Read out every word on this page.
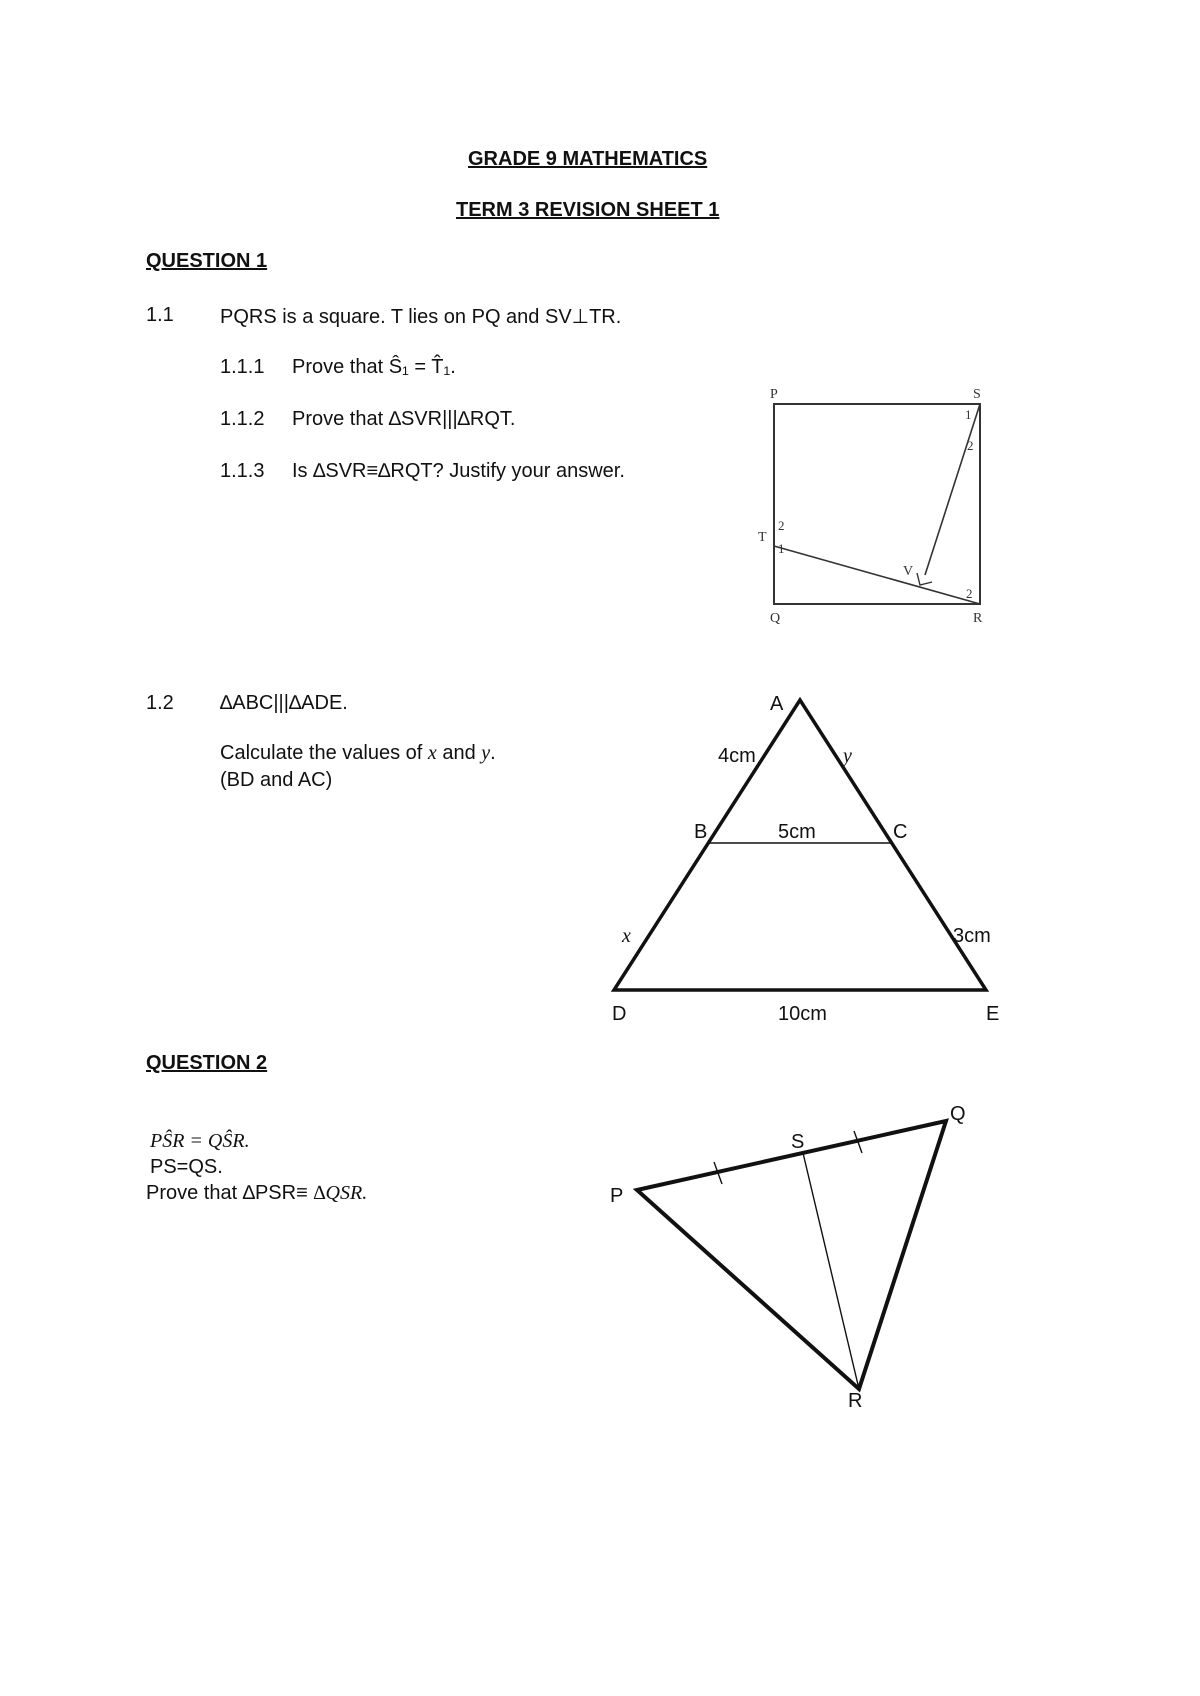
GRADE 9 MATHEMATICS
TERM 3 REVISION SHEET 1
QUESTION 1
1.1 PQRS is a square. T lies on PQ and SV⊥TR.
1.1.1 Prove that Ŝ₁ = T̂₁.
1.1.2 Prove that ∆SVR|||∆RQT.
1.1.3 Is ∆SVR≡∆RQT? Justify your answer.
P	S
T
V
Q	R
1
2
2
1
2
1.2 ∆ABC|||∆ADE.
Calculate the values of x and y.
(BD and AC)
A
B	C
D	E
4cm	y
5cm
x	3cm
10cm
QUESTION 2
PŜR = QŜR.
PS=QS.
Prove that ∆PSR≡ ∆QSR.	P
Q
S
R
